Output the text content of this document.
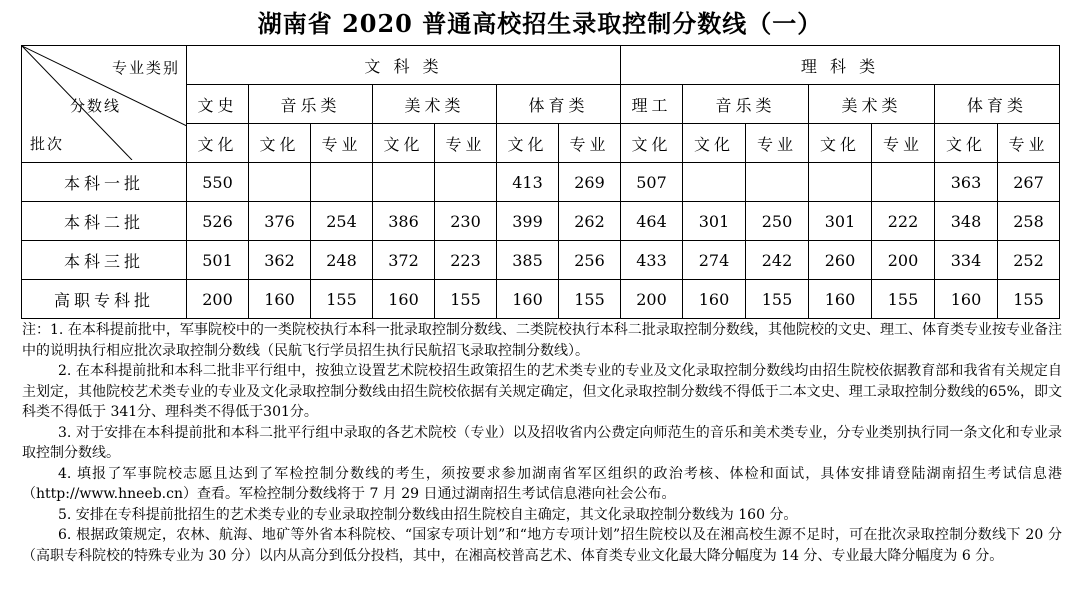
湖南省 2020 普通高校招生录取控制分数线（一）
专业类别
分数线
批次	文 科 类							理 科 类						
	文史	音乐类		美术类		体育类		理工	音乐类		美术类		体育类	
	文化	文化	专业	文化	专业	文化	专业	文化	文化	专业	文化	专业	文化	专业
本科一批	550					413	269	507					363	267
本科二批	526	376	254	386	230	399	262	464	301	250	301	222	348	258
本科三批	501	362	248	372	223	385	256	433	274	242	260	200	334	252
高职专科批	200	160	155	160	155	160	155	200	160	155	160	155	160	155

注：1. 在本科提前批中，军事院校中的一类院校执行本科一批录取控制分数线、二类院校执行本科二批录取控制分数线，其他院校的文史、理工、体育类专业按专业备注中的说明执行相应批次录取控制分数线（民航飞行学员招生执行民航招飞录取控制分数线）。

2. 在本科提前批和本科二批非平行组中，按独立设置艺术院校招生政策招生的艺术类专业的专业及文化录取控制分数线均由招生院校依据教育部和我省有关规定自主划定，其他院校艺术类专业的专业及文化录取控制分数线由招生院校依据有关规定确定，但文化录取控制分数线不得低于二本文史、理工录取控制分数线的65%，即文科类不得低于 341分、理科类不得低于301分。

3. 对于安排在本科提前批和本科二批平行组中录取的各艺术院校（专业）以及招收省内公费定向师范生的音乐和美术类专业，分专业类别执行同一条文化和专业录取控制分数线。

4. 填报了军事院校志愿且达到了军检控制分数线的考生，须按要求参加湖南省军区组织的政治考核、体检和面试，具体安排请登陆湖南招生考试信息港（http://www.hneeb.cn）查看。军检控制分数线将于 7 月 29 日通过湖南招生考试信息港向社会公布。

5. 安排在专科提前批招生的艺术类专业的专业录取控制分数线由招生院校自主确定，其文化录取控制分数线为 160 分。

6. 根据政策规定，农林、航海、地矿等外省本科院校、“国家专项计划”和“地方专项计划”招生院校以及在湘高校生源不足时，可在批次录取控制分数线下 20 分（高职专科院校的特殊专业为 30 分）以内从高分到低分投档，其中，在湘高校普高艺术、体育类专业文化最大降分幅度为 14 分、专业最大降分幅度为 6 分。
